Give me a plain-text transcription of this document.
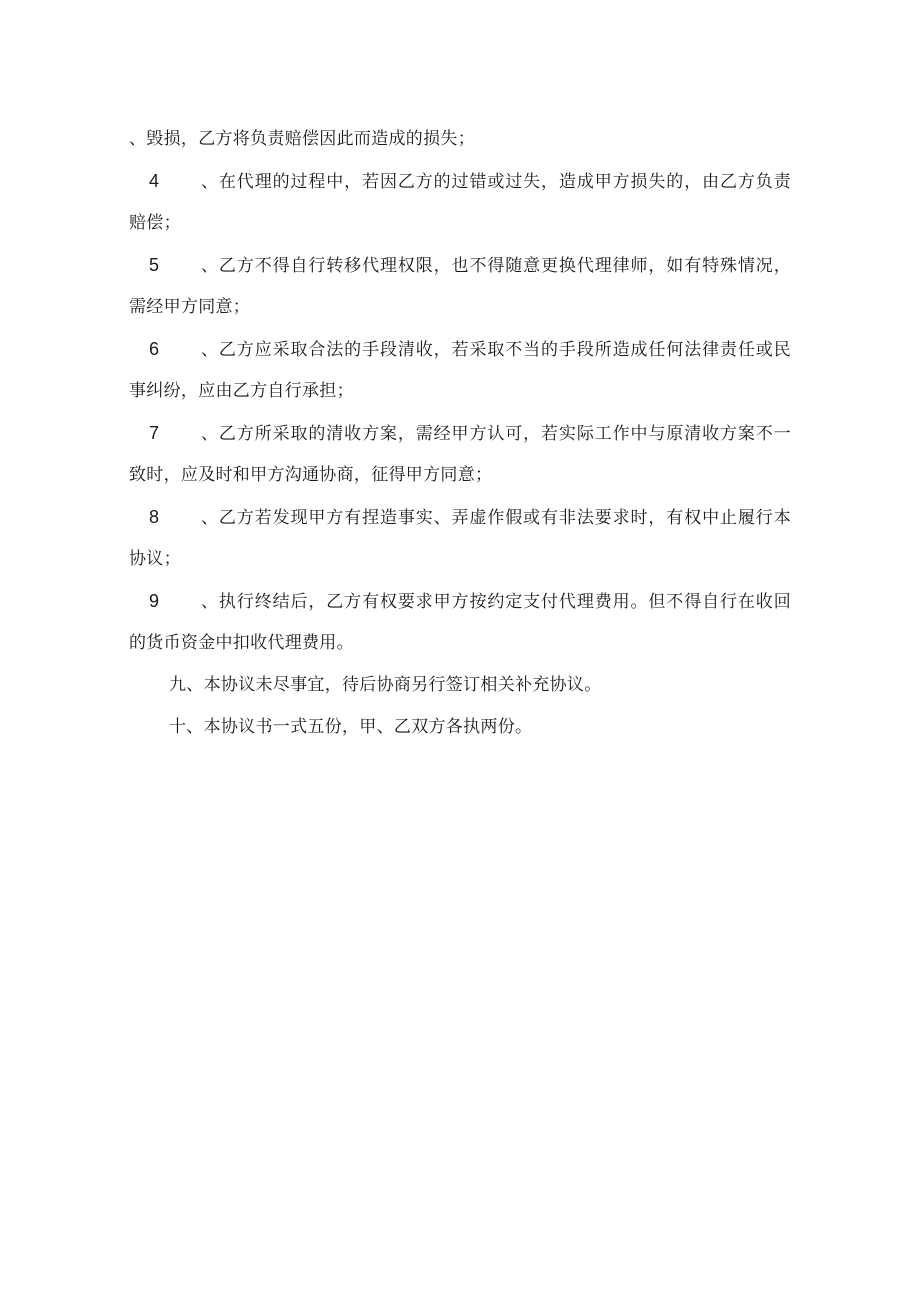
、毁损，乙方将负责赔偿因此而造成的损失；
4	、在代理的过程中，若因乙方的过错或过失，造成甲方损失的，由乙方负责
赔偿；
5	、乙方不得自行转移代理权限，也不得随意更换代理律师，如有特殊情况，
需经甲方同意；
6	、乙方应采取合法的手段清收，若采取不当的手段所造成任何法律责任或民
事纠纷，应由乙方自行承担；
7	、乙方所采取的清收方案，需经甲方认可，若实际工作中与原清收方案不一
致时，应及时和甲方沟通协商，征得甲方同意；
8	、乙方若发现甲方有捏造事实、弄虚作假或有非法要求时，有权中止履行本
协议；
9	、执行终结后，乙方有权要求甲方按约定支付代理费用。但不得自行在收回
的货币资金中扣收代理费用。
九、本协议未尽事宜，待后协商另行签订相关补充协议。
十、本协议书一式五份，甲、乙双方各执两份。
